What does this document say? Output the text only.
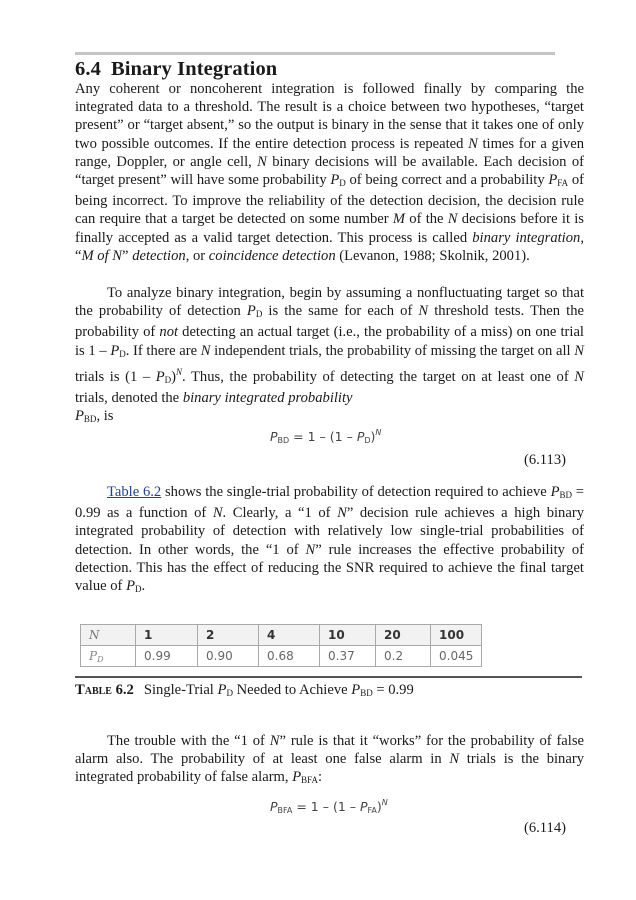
6.4 Binary Integration

Any coherent or noncoherent integration is followed finally by comparing the integrated data to a threshold. The result is a choice between two hypotheses, “target present” or “target absent,” so the output is binary in the sense that it takes one of only two possible outcomes. If the entire detection process is repeated N times for a given range, Doppler, or angle cell, N binary decisions will be available. Each decision of “target present” will have some probability $P_D$ of being correct and a probability $P_{FA}$ of being incorrect. To improve the reliability of the detection decision, the decision rule can require that a target be detected on some number M of the N decisions before it is finally accepted as a valid target detection. This process is called binary integration, “M of N” detection, or coincidence detection (Levanon, 1988; Skolnik, 2001).

To analyze binary integration, begin by assuming a nonfluctuating target so that the probability of detection $P_D$ is the same for each of N threshold tests. Then the probability of not detecting an actual target (i.e., the probability of a miss) on one trial is $1 - P_D$. If there are N independent trials, the probability of missing the target on all N trials is $(1 - P_D)^N$. Thus, the probability of detecting the target on at least one of N trials, denoted the binary integrated probability
$P_{BD}$, is

$P_{BD} = 1 - (1 - P_D)^N$
(6.113)

Table 6.2 shows the single-trial probability of detection required to achieve $P_{BD} = 0.99$ as a function of N. Clearly, a “1 of N” decision rule achieves a high binary integrated probability of detection with relatively low single-trial probabilities of detection. In other words, the “1 of N” rule increases the effective probability of detection. This has the effect of reducing the SNR required to achieve the final target value of $P_D$.

N	1	2	4	10	20	100
$P_D$	0.99	0.90	0.68	0.37	0.2	0.045
Table 6.2 Single-Trial $P_D$ Needed to Achieve $P_{BD} = 0.99$

The trouble with the “1 of N” rule is that it “works” for the probability of false alarm also. The probability of at least one false alarm in N trials is the binary integrated probability of false alarm, $P_{BFA}$:

$P_{BFA} = 1 - (1 - P_{FA})^N$
(6.114)
